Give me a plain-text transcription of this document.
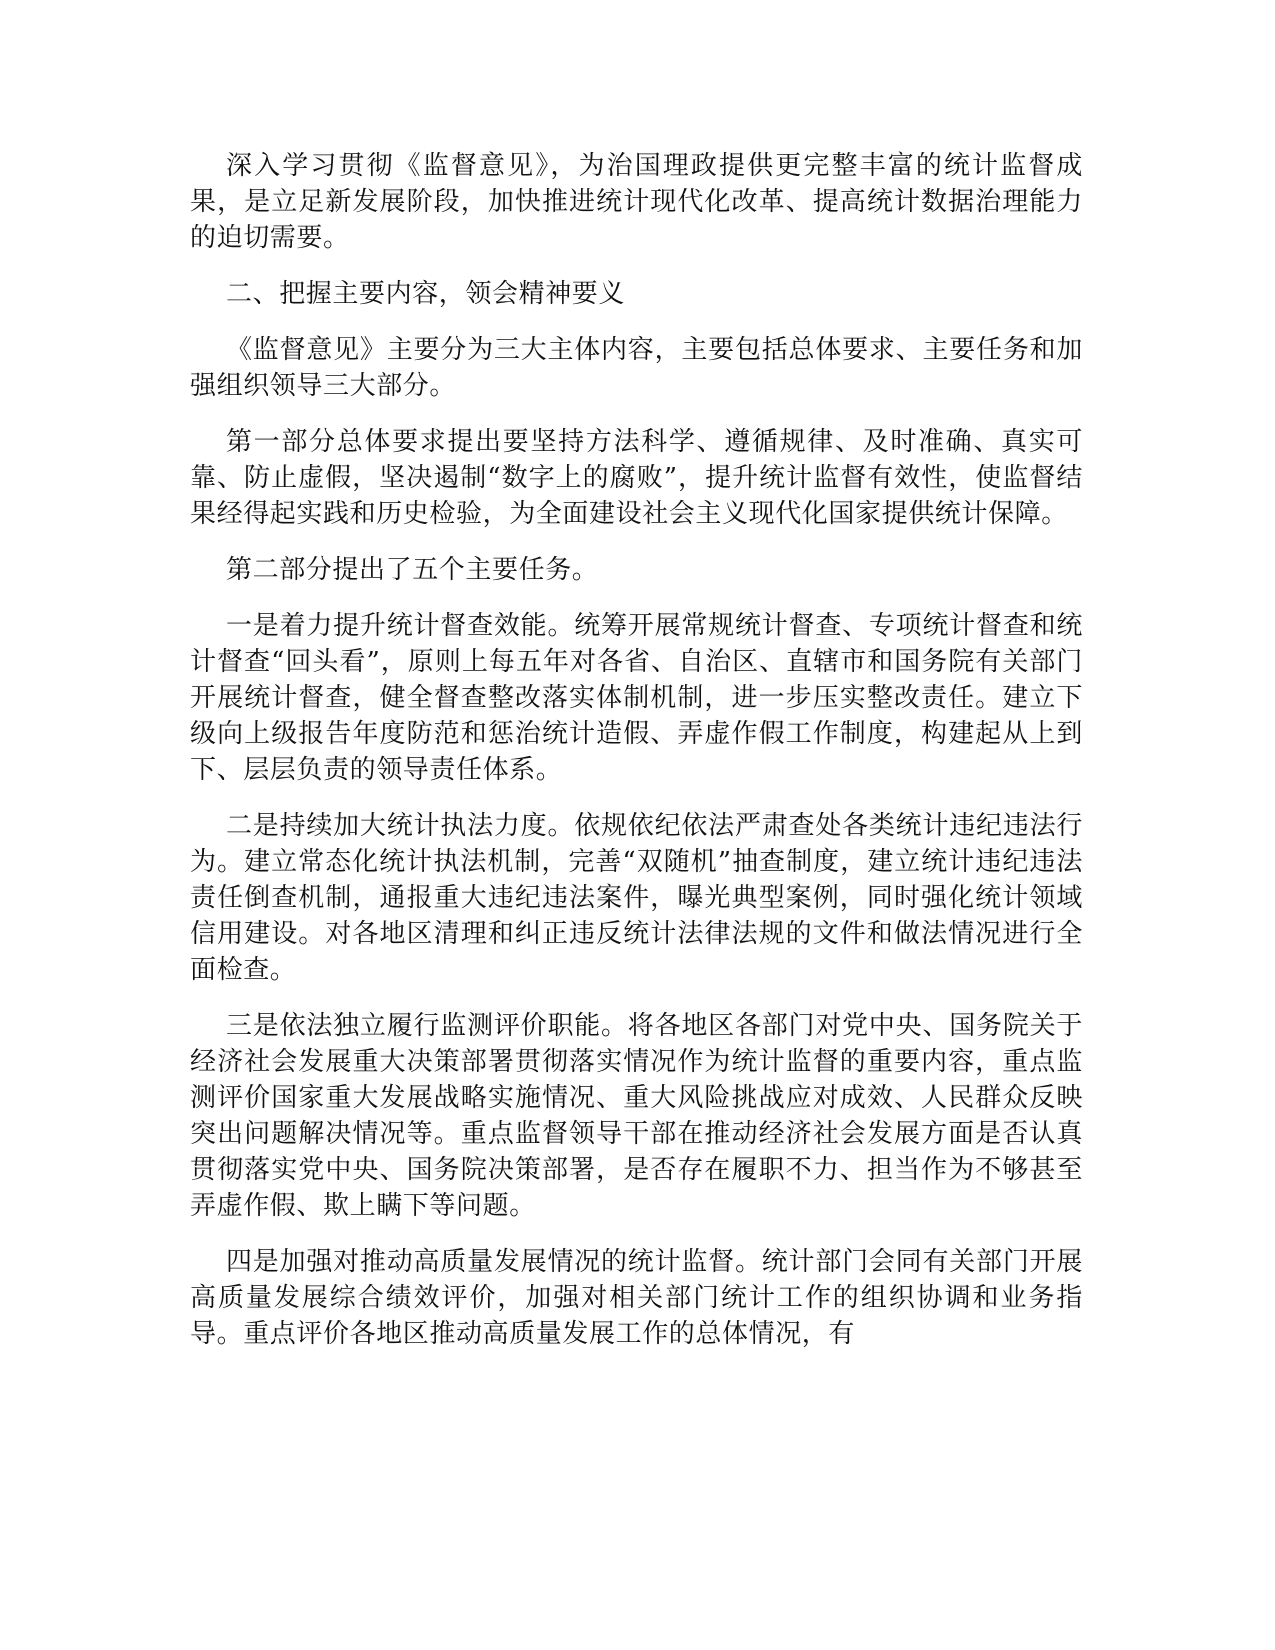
深入学习贯彻《监督意见》，为治国理政提供更完整丰富的统计监督成果，是立足新发展阶段，加快推进统计现代化改革、提高统计数据治理能力的迫切需要。

二、把握主要内容，领会精神要义

《监督意见》主要分为三大主体内容，主要包括总体要求、主要任务和加强组织领导三大部分。

第一部分总体要求提出要坚持方法科学、遵循规律、及时准确、真实可靠、防止虚假，坚决遏制“数字上的腐败”，提升统计监督有效性，使监督结果经得起实践和历史检验，为全面建设社会主义现代化国家提供统计保障。

第二部分提出了五个主要任务。

一是着力提升统计督查效能。统筹开展常规统计督查、专项统计督查和统计督查“回头看”，原则上每五年对各省、自治区、直辖市和国务院有关部门开展统计督查，健全督查整改落实体制机制，进一步压实整改责任。建立下级向上级报告年度防范和惩治统计造假、弄虚作假工作制度，构建起从上到下、层层负责的领导责任体系。

二是持续加大统计执法力度。依规依纪依法严肃查处各类统计违纪违法行为。建立常态化统计执法机制，完善“双随机”抽查制度，建立统计违纪违法责任倒查机制，通报重大违纪违法案件，曝光典型案例，同时强化统计领域信用建设。对各地区清理和纠正违反统计法律法规的文件和做法情况进行全面检查。

三是依法独立履行监测评价职能。将各地区各部门对党中央、国务院关于经济社会发展重大决策部署贯彻落实情况作为统计监督的重要内容，重点监测评价国家重大发展战略实施情况、重大风险挑战应对成效、人民群众反映突出问题解决情况等。重点监督领导干部在推动经济社会发展方面是否认真贯彻落实党中央、国务院决策部署，是否存在履职不力、担当作为不够甚至弄虚作假、欺上瞒下等问题。

四是加强对推动高质量发展情况的统计监督。统计部门会同有关部门开展高质量发展综合绩效评价，加强对相关部门统计工作的组织协调和业务指导。重点评价各地区推动高质量发展工作的总体情况，有
